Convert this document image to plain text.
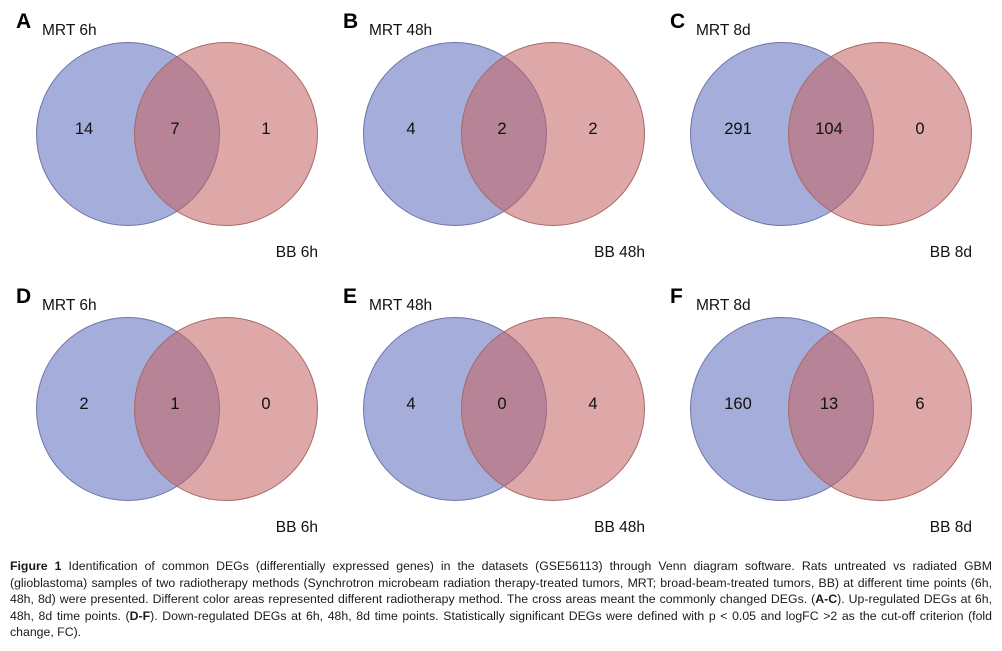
A MRT 6h
BB 6h
14	7	1
B MRT 48h
BB 48h
4	2	2
C MRT 8d
BB 8d
291	104	0
D MRT 6h
BB 6h
2	1	0
E MRT 48h
BB 48h
4	0	4
F MRT 8d
BB 8d
160	13	6
Figure 1 Identification of common DEGs (differentially expressed genes) in the datasets (GSE56113) through Venn diagram software. Rats untreated vs radiated GBM (glioblastoma) samples of two radiotherapy methods (Synchrotron microbeam radiation therapy-treated tumors, MRT; broad-beam-treated tumors, BB) at different time points (6h, 48h, 8d) were presented. Different color areas represented different radiotherapy method. The cross areas meant the commonly changed DEGs. (A-C). Up-regulated DEGs at 6h, 48h, 8d time points. (D-F). Down-regulated DEGs at 6h, 48h, 8d time points. Statistically significant DEGs were defined with p < 0.05 and logFC >2 as the cut-off criterion (fold change, FC).
